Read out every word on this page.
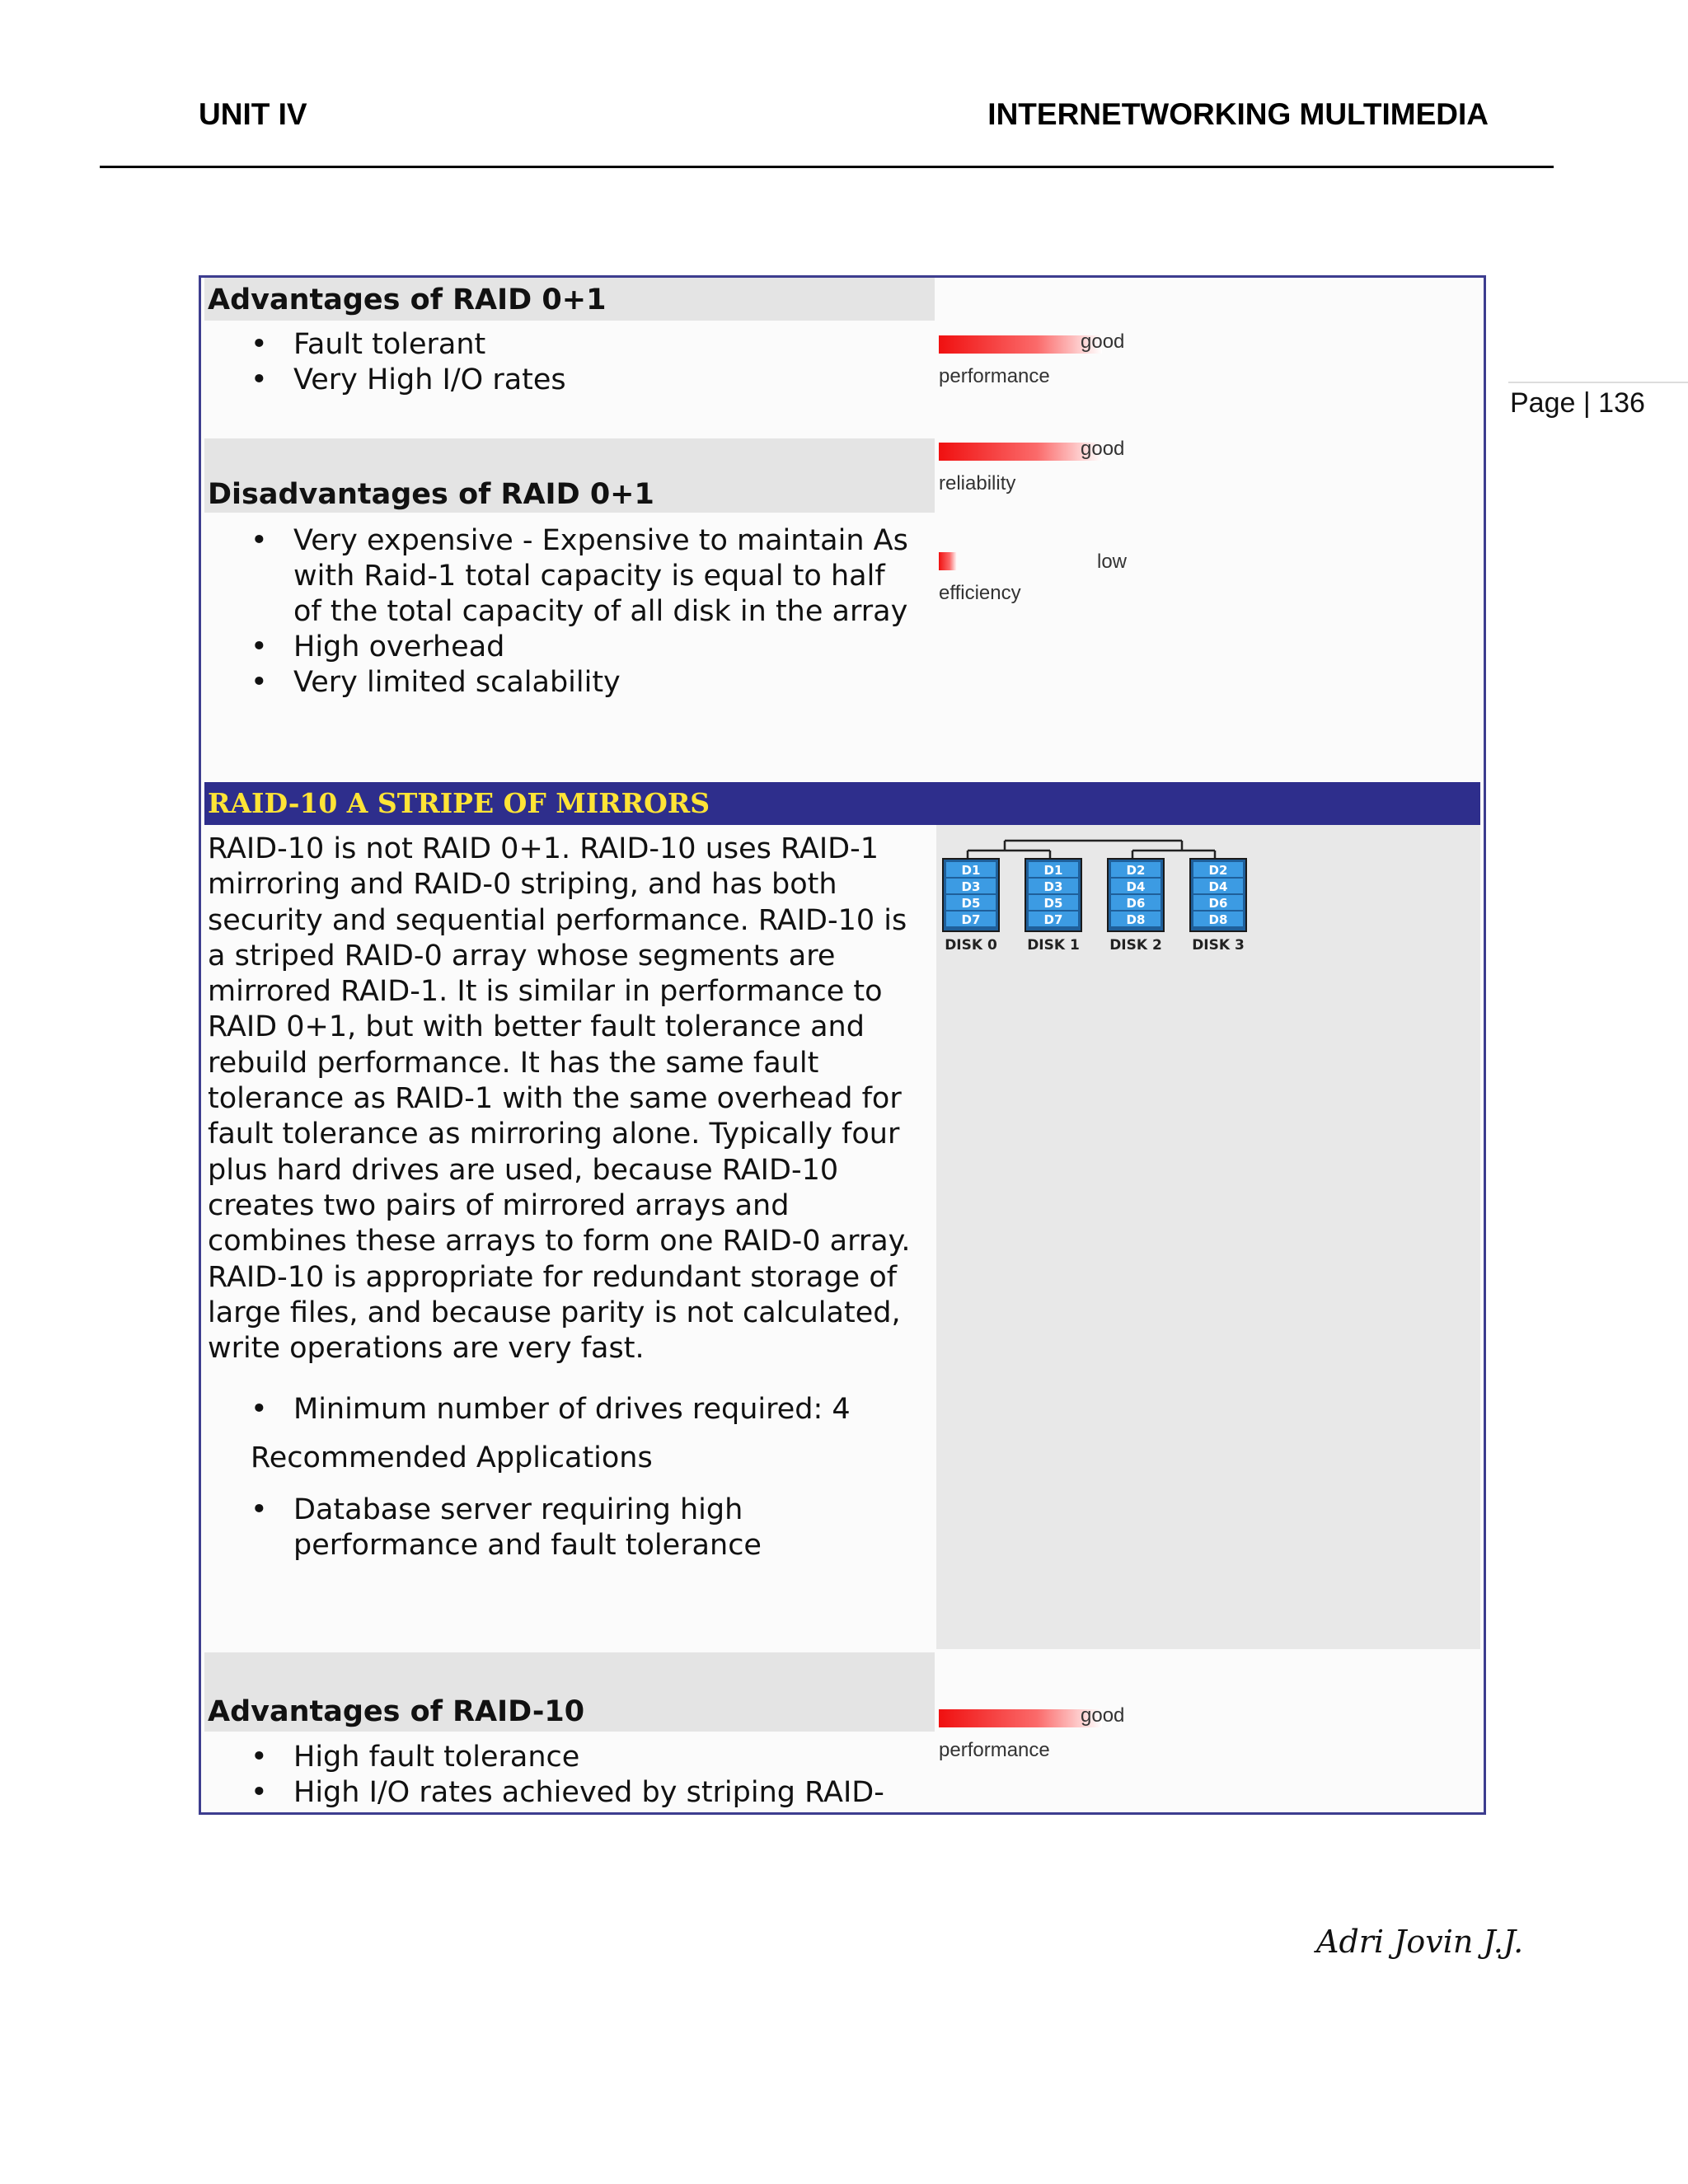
UNIT IV	INTERNETWORKING MULTIMEDIA
Page | 136
Advantages of RAID 0+1
• Fault tolerant
• Very High I/O rates
good
performance
Disadvantages of RAID 0+1
• Very expensive - Expensive to maintain As with Raid-1 total capacity is equal to half of the total capacity of all disk in the array
• High overhead
• Very limited scalability
good
reliability
low
efficiency
RAID-10 A STRIPE OF MIRRORS
D1
D3
D5
D7
DISK 0
D1
D3
D5
D7
DISK 1
D2
D4
D6
D8
DISK 2
D2
D4
D6
D8
DISK 3
RAID-10 is not RAID 0+1. RAID-10 uses RAID-1 mirroring and RAID-0 striping, and has both security and sequential performance. RAID-10 is a striped RAID-0 array whose segments are mirrored RAID-1. It is similar in performance to RAID 0+1, but with better fault tolerance and rebuild performance. It has the same fault tolerance as RAID-1 with the same overhead for fault tolerance as mirroring alone. Typically four plus hard drives are used, because RAID-10 creates two pairs of mirrored arrays and combines these arrays to form one RAID-0 array. RAID-10 is appropriate for redundant storage of large files, and because parity is not calculated, write operations are very fast.
• Minimum number of drives required: 4
Recommended Applications
• Database server requiring high performance and fault tolerance
Advantages of RAID-10
• High fault tolerance
• High I/O rates achieved by striping RAID-
good
performance
Adri Jovin J.J.
